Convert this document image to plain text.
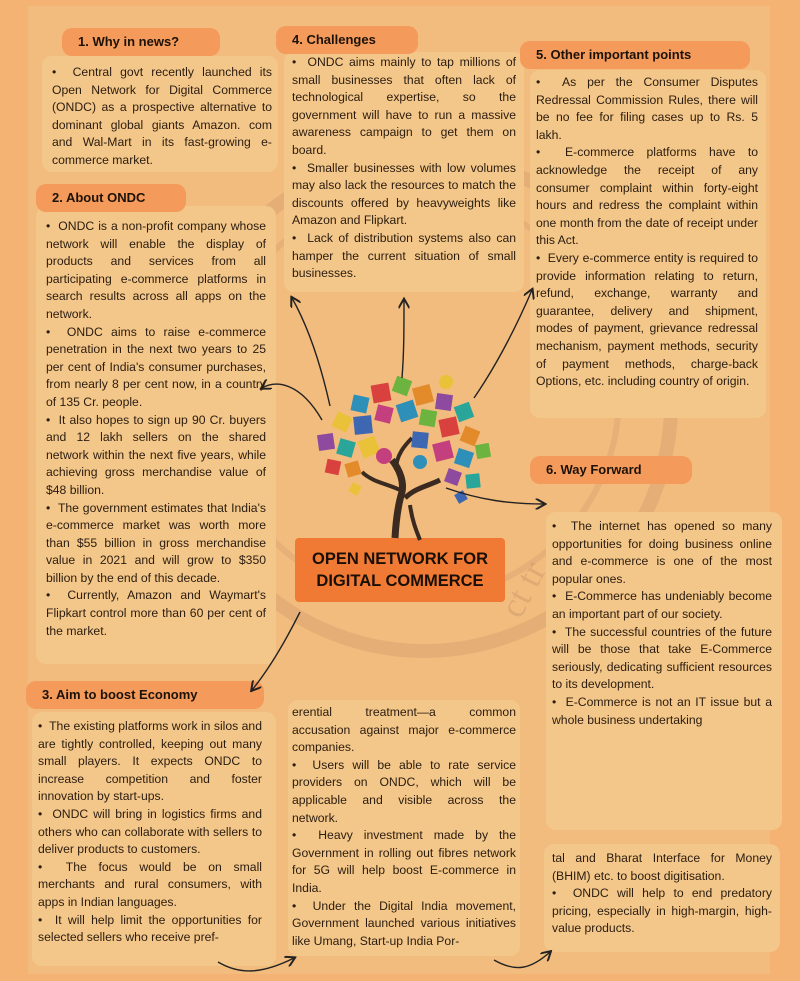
1. Why in news?
2. About ONDC
3. Aim to boost Economy
4. Challenges
5. Other important points
6. Way Forward
OPEN NETWORK FOR
DIGITAL COMMERCE ct tr

•  Central govt recently launched its Open Network for Digital Commerce (ONDC) as a prospective alternative to dominant global giants Amazon. com and Wal-Mart in its fast-growing e-commerce market.

•  ONDC is a non-profit company whose network will enable the display of products and services from all participating e-commerce platforms in search results across all apps on the network.

•  ONDC aims to raise e-commerce penetration in the next two years to 25 per cent of India's consumer purchases, from nearly 8 per cent now, in a country of 135 Cr. people.

•  It also hopes to sign up 90 Cr. buyers and 12 lakh sellers on the shared network within the next five years, while achieving gross merchandise value of $48 billion.

•  The government estimates that India's e-commerce market was worth more than $55 billion in gross merchandise value in 2021 and will grow to $350 billion by the end of this decade.

•  Currently, Amazon and Waymart's Flipkart control more than 60 per cent of the market.

•  The existing platforms work in silos and are tightly controlled, keeping out many small players. It expects ONDC to increase competition and foster innovation by start-ups.

•  ONDC will bring in logistics firms and others who can collaborate with sellers to deliver products to customers.

•  The focus would be on small merchants and rural consumers, with apps in Indian languages.

•  It will help limit the opportunities for selected sellers who receive pref-

•  ONDC aims mainly to tap millions of small businesses that often lack of technological expertise, so the government will have to run a massive awareness campaign to get them on board.

•  Smaller businesses with low volumes may also lack the resources to match the discounts offered by heavyweights like Amazon and Flipkart.

•  Lack of distribution systems also can hamper the current situation of small businesses.

erential treatment—a common accusation against major e-commerce companies.

•  Users will be able to rate service providers on ONDC, which will be applicable and visible across the network.

•  Heavy investment made by the Government in rolling out fibres network for 5G will help boost E-commerce in India.

•  Under the Digital India movement, Government launched various initiatives like Umang, Start-up India Por-

•  As per the Consumer Disputes Redressal Commission Rules, there will be no fee for filing cases up to Rs. 5 lakh.

•  E-commerce platforms have to acknowledge the receipt of any consumer complaint within forty-eight hours and redress the complaint within one month from the date of receipt under this Act.

•  Every e-commerce entity is required to provide information relating to return, refund, exchange, warranty and guarantee, delivery and shipment, modes of payment, grievance redressal mechanism, payment methods, security of payment methods, charge-back Options, etc. including country of origin.

•  The internet has opened so many opportunities for doing business online and e-commerce is one of the most popular ones.

•  E-Commerce has undeniably become an important part of our society.

•  The successful countries of the future will be those that take E-Commerce seriously, dedicating sufficient resources to its development.

•  E-Commerce is not an IT issue but a whole business undertaking

tal and Bharat Interface for Money (BHIM) etc. to boost digitisation.

•  ONDC will help to end predatory pricing, especially in high-margin, high-value products.
